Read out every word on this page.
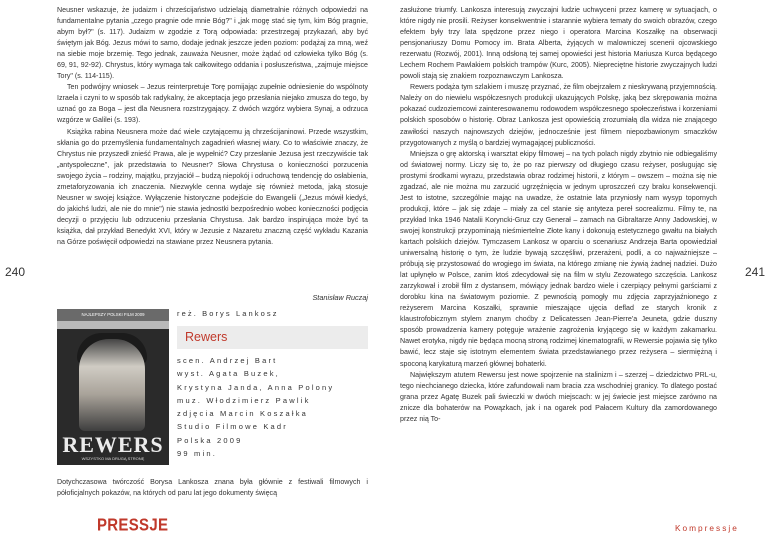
240	241

Neusner wskazuje, że judaizm i chrześcijaństwo udzielają diametralnie różnych odpowiedzi na fundamentalne pytania „czego pragnie ode mnie Bóg?" i „jak mogę stać się tym, kim Bóg pragnie, abym był?" (s. 117). Judaizm w zgodzie z Torą odpowiada: przestrzegaj przykazań, aby być świętym jak Bóg. Jezus mówi to samo, dodaje jednak jeszcze jeden poziom: podążaj za mną, weź na siebie moje brzemię. Tego jednak, zauważa Neusner, może żądać od człowieka tylko Bóg (s. 69, 91, 92-92). Chrystus, który wymaga tak całkowitego oddania i posłuszeństwa, „zajmuje miejsce Tory" (s. 114-115).

Ten podwójny wniosek – Jezus reinterpretuje Torę pomijając zupełnie odniesienie do wspólnoty Izraela i czyni to w sposób tak radykalny, że akceptacja jego przesłania niejako zmusza do tego, by uznać go za Boga – jest dla Neusnera rozstrzygający. Z dwóch wzgórz wybiera Synaj, a odrzuca wzgórze w Galilei (s. 193).

Książka rabina Neusnera może dać wiele czytającemu ją chrześcijaninowi. Przede wszystkim, skłania go do przemyślenia fundamentalnych zagadnień własnej wiary. Co to właściwie znaczy, że Chrystus nie przyszedł znieść Prawa, ale je wypełnić? Czy przesłanie Jezusa jest rzeczywiście tak „antyspołeczne", jak przedstawia to Neusner? Słowa Chrystusa o konieczności porzucenia swojego życia – rodziny, majątku, przyjaciół – budzą niepokój i odruchową tendencję do osłabienia, zmetaforyzowania ich znaczenia. Niezwykle cenna wydaje się również metoda, jaką stosuje Neusner w swojej książce. Wyłączenie historyczne podejście do Ewangelii („Jezus mówił kiedyś, do jakichś ludzi, ale nie do mnie") nie stawia jednostki bezpośrednio wobec konieczności podjęcia decyzji o przyjęciu lub odrzuceniu przesłania Chrystusa. Jak bardzo inspirująca może być ta książka, dał przykład Benedykt XVI, który w Jezusie z Nazaretu znaczną część wykładu Kazania na Górze poświęcił odpowiedzi na stawiane przez Neusnera pytania.

Stanisław Ruczaj
NAJLEPSZY POLSKI FILM 2009
REWERS
WSZYSTKO MA DRUGĄ STRONĘ
reż. Borys Lankosz
Rewers
scen. Andrzej Bart
wyst. Agata Buzek,
Krystyna Janda, Anna Polony
muz. Włodzimierz Pawlik
zdjęcia Marcin Koszałka
Studio Filmowe Kadr
Polska 2009
99 min.
Dotychczasowa twórczość Borysa Lankosza znana była głównie z festiwali filmowych i półoficjalnych pokazów, na których od paru lat jego dokumenty święcą
PRESSJE

zasłużone triumfy. Lankosza interesują zwyczajni ludzie uchwyceni przez kamerę w sytuacjach, o które nigdy nie prosili. Reżyser konsekwentnie i starannie wybiera tematy do swoich obrazów, czego efektem były trzy lata spędzone przez niego i operatora Marcina Koszałkę na obserwacji pensjonariuszy Domu Pomocy im. Brata Alberta, żyjących w malowniczej scenerii ojcowskiego rezerwatu (Rozwój, 2001). Inną odsłoną tej samej opowieści jest historia Mariusza Kurca będącego Lechem Rochem Pawlakiem polskich trampów (Kurc, 2005). Niepreciętne historie zwyczajnych ludzi powoli stają się znakiem rozpoznawczym Lankosza.

Rewers podąża tym szlakiem i muszę przyznać, że film obejrzałem z nieskrywaną przyjemnością. Należy on do niewielu współczesnych produkcji ukazujących Polskę, jaką bez skrępowania można pokazać cudzoziemcowi zainteresowanemu rodowodem współczesnego społeczeństwa i korzeniami polskich sposobów o historię. Obraz Lankosza jest opowieścią zrozumiałą dla widza nie znającego zawiłości naszych najnowszych dziejów, jednocześnie jest filmem niepozbawionym smaczków przygotowanych z myślą o bardziej wymagającej publiczności.

Mniejsza o grę aktorską i warsztat ekipy filmowej – na tych polach nigdy zbytnio nie odbiegaliśmy od światowej normy. Liczy się to, że po raz pierwszy od długiego czasu reżyser, posługując się prostymi środkami wyrazu, przedstawia obraz rodzimej historii, z którym – owszem – można się nie zgadzać, ale nie można mu zarzucić ugrzęźnięcia w jednym uproszczeń czy braku konsekwencji. Jest to istotne, szczególnie mając na uwadze, że ostatnie lata przyniosły nam wysyp topornych produkcji, które – jak się zdaje – miały za cel stanie się antyteza pereł socrealizmu. Filmy te, na przykład Inka 1946 Natalii Koryncki-Gruz czy Generał – zamach na Gibraltarze Anny Jadowskiej, w swojej konstrukcji przypominają nieśmiertelne Złote kany i dokonują estetycznego gwałtu na białych kartach polskich dziejów. Tymczasem Lankosz w oparciu o scenariusz Andrzeja Barta opowiedział uniwersalną historię o tym, że ludzie bywają szczęśliwi, przerażeni, podli, a co najważniejsze – próbują się przystosować do wrogiego im świata, na którego zmianę nie żywią żadnej nadziei. Dużo lat upłynęło w Polsce, zanim ktoś zdecydował się na film w stylu Zezowatego szczęścia. Lankosz zarzykował i zrobił film z dystansem, mówiący jednak bardzo wiele i czerpiący pełnymi garściami z dorobku kina na światowym poziomie. Z pewnością pomogły mu zdjęcia zaprzyjaźnionego z reżyserem Marcina Koszałki, sprawnie mieszające ujęcia deflad ze starych kronik z klaustrofobicznym stylem znanym choćby z Delicatessen Jean-Pierre'a Jeuneta, gdzie duszny sposób prowadzenia kamery potęguje wrażenie zagrożenia kryjącego się w każdym zakamarku. Nawet erotyka, nigdy nie będąca mocną stroną rodzimej kinematografii, w Rewersie pojawia się tylko bawić, lecz staje się istotnym elementem świata przedstawianego przez reżysera – siermiężną i spoconą karykaturą marzeń głównej bohaterki.

Największym atutem Rewersu jest nowe spojrzenie na stalinizm i – szerzej – dziedzictwo PRL-u, tego niechcianego dziecka, które zafundowali nam bracia zza wschodniej granicy. To dlatego postać grana przez Agatę Buzek pali świeczki w dwóch miejscach: w jej świecie jest miejsce zarówno na znicze dla bohaterów na Powązkach, jak i na ogarek pod Pałacem Kultury dla zamordowanego przez nią To-

Kompressje
